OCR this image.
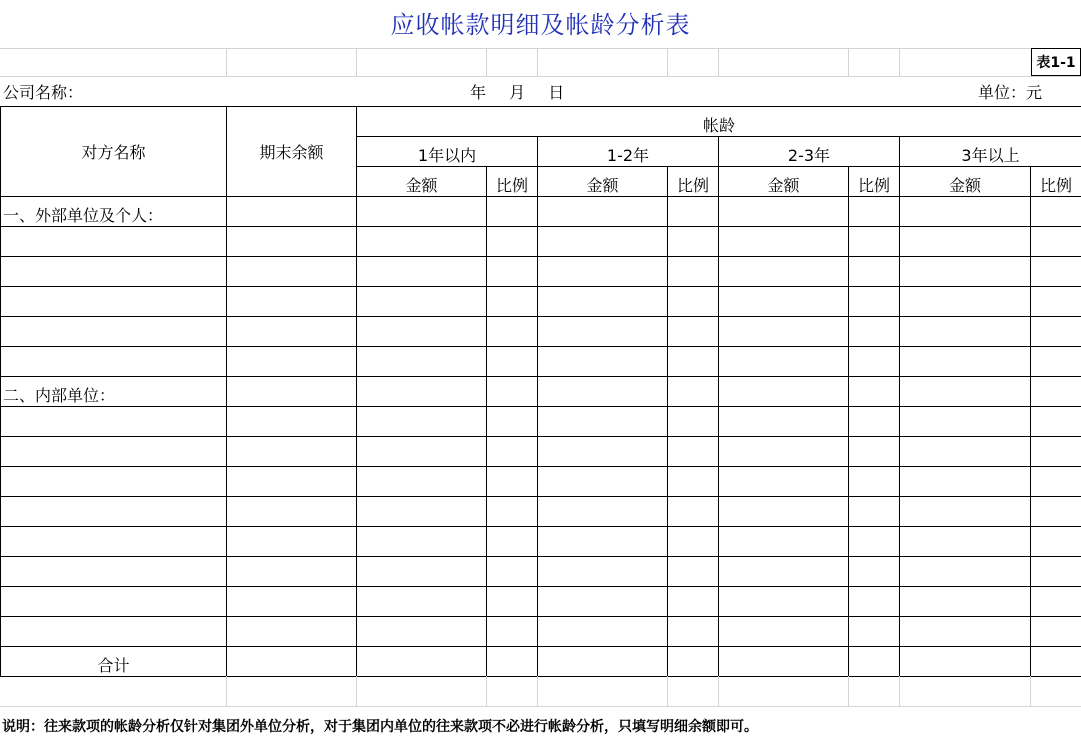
应收帐款明细及帐龄分析表
表1-1
公司名称：	年 月 日	单位：元
对方名称	期末余额	帐龄							
		1年以内		1-2年		2-3年		3年以上	
		金额	比例	金额	比例	金额	比例	金额	比例
一、外部单位及个人：									

二、内部单位：									

合计									
说明：往来款项的帐龄分析仅针对集团外单位分析，对于集团内单位的往来款项不必进行帐龄分析，只填写明细余额即可。
